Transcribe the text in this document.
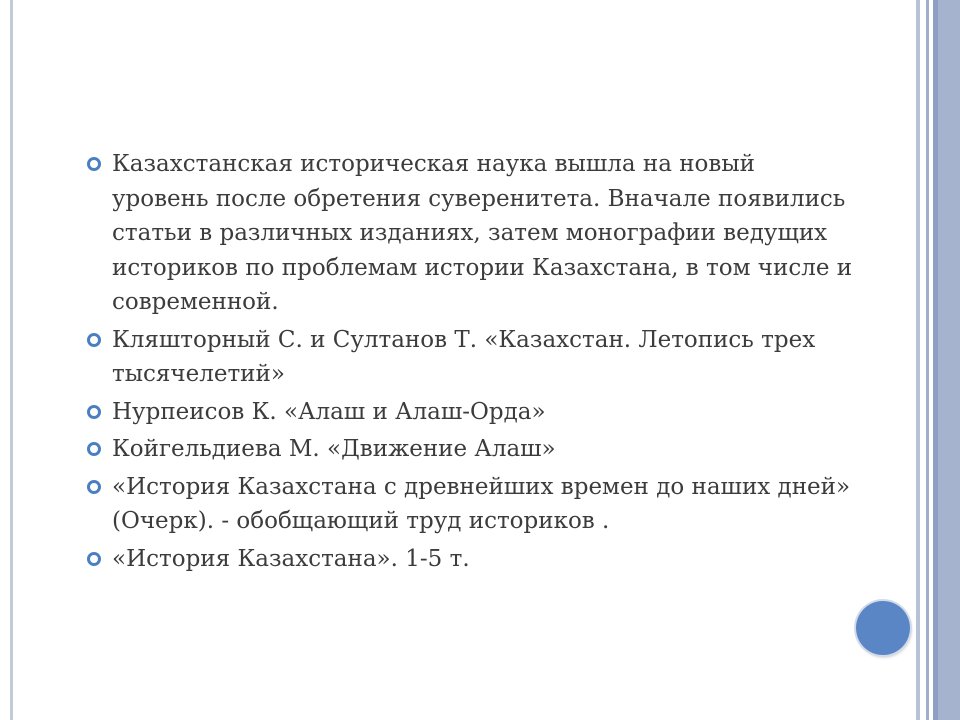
Казахстанская историческая наука вышла на новый уровень после обретения суверенитета. Вначале появились статьи в различных изданиях, затем монографии ведущих историков по проблемам истории Казахстана, в том числе и современной.
Кляшторный С. и Султанов Т. «Казахстан. Летопись трех тысячелетий»
Нурпеисов К. «Алаш и Алаш-Орда»
Койгельдиева М. «Движение Алаш»
«История Казахстана с древнейших времен до наших дней» (Очерк). - обобщающий труд историков .
«История Казахстана». 1-5 т.
